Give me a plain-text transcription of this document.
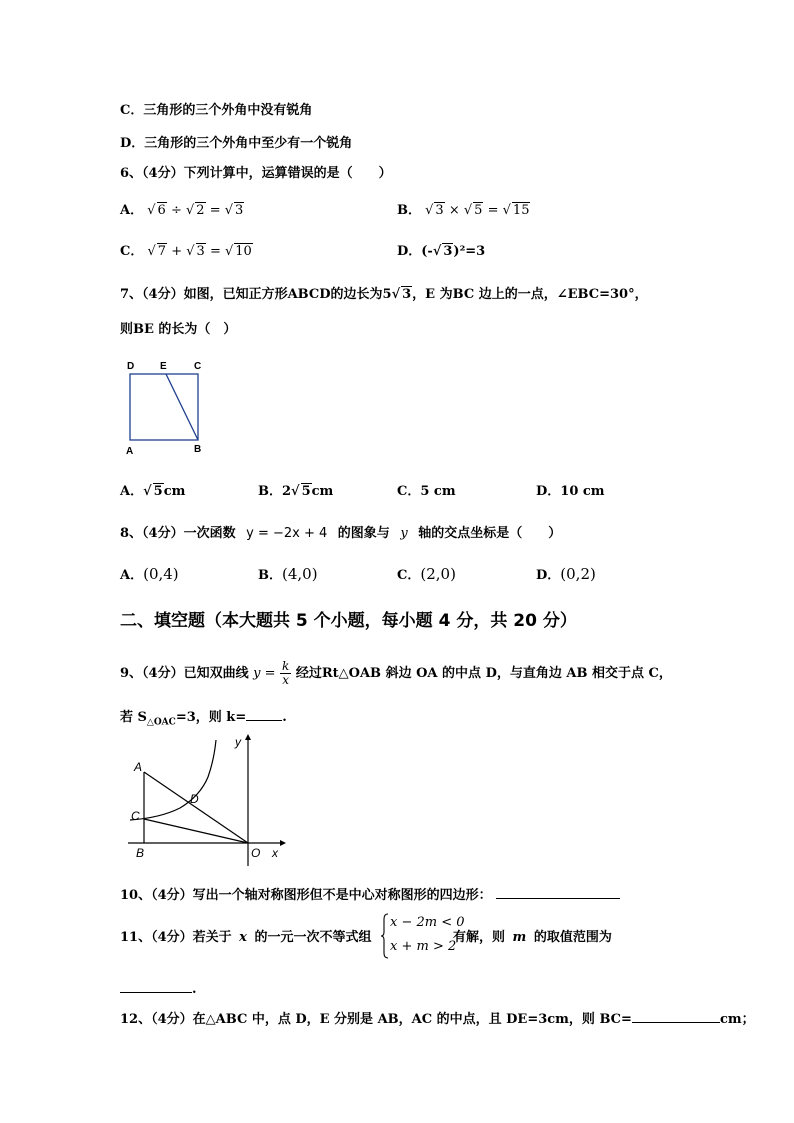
C．三角形的三个外角中没有锐角
D．三角形的三个外角中至少有一个锐角
6、（4分）下列计算中，运算错误的是（　　）
A． √ 6 ÷ √ 2 = √ 3	B． √ 3 × √ 5 = √ 15
C． √ 7 + √ 3 = √ 10	D．(-√ 3)²=3
7、（4分）如图，已知正方形ABCD的边长为5√ 3，E 为BC 边上的一点，∠EBC=30°，
则BE 的长为（　）
D	E	C
A	B
A．√ 5cm	B．2√ 5cm	C．5 cm	D．10 cm
8、（4分）一次函数 y = −2x + 4 的图象与 y 轴的交点坐标是（　　）
A．(0,4)	B．(4,0)	C．(2,0)	D．(0,2)
二、填空题（本大题共 5 个小题，每小题 4 分，共 20 分）
9、（4分）已知双曲线 $y = \frac{k}{x}$ 经过Rt△OAB 斜边 OA 的中点 D，与直角边 AB 相交于点 C，
若 $S_{\triangle OAC}=3$，则 k=	.
y
A
D
C
B	O x
10、（4分）写出一个轴对称图形但不是中心对称图形的四边形：
11、（4分）若关于 x 的一元一次不等式组
x − 2m < 0
x + m > 2
有解，则 m 的取值范围为
.
12、（4分）在△ABC 中，点 D，E 分别是 AB，AC 的中点，且 DE=3cm，则 BC=	cm；
